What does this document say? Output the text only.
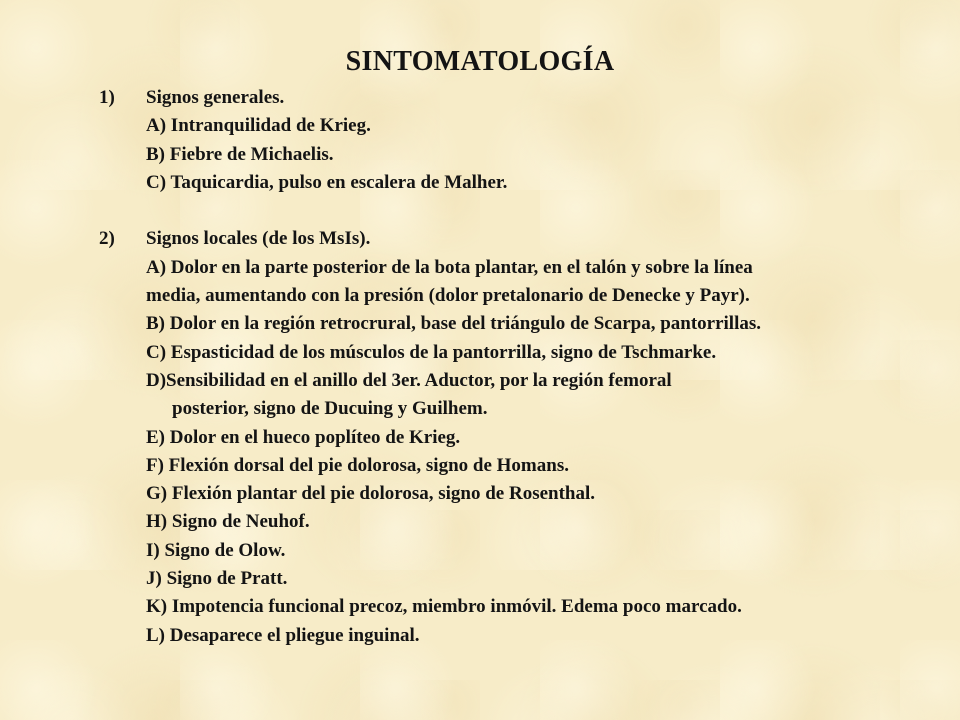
SINTOMATOLOGÍA
1) Signos generales.
A) Intranquilidad de Krieg.
B) Fiebre de Michaelis.
C) Taquicardia, pulso en escalera de Malher.
2) Signos locales (de los MsIs).
A) Dolor en la parte posterior de la bota plantar, en el talón y sobre la línea
media, aumentando con la presión (dolor pretalonario de Denecke y Payr).
B) Dolor en la región retrocrural, base del triángulo de Scarpa, pantorrillas.
C) Espasticidad de los músculos de la pantorrilla, signo de Tschmarke.
D)Sensibilidad en el anillo del 3er. Aductor, por la región femoral
posterior, signo de Ducuing y Guilhem.
E) Dolor en el hueco poplíteo de Krieg.
F) Flexión dorsal del pie dolorosa, signo de Homans.
G) Flexión plantar del pie dolorosa, signo de Rosenthal.
H) Signo de Neuhof.
I) Signo de Olow.
J) Signo de Pratt.
K) Impotencia funcional precoz, miembro inmóvil. Edema poco marcado.
L) Desaparece el pliegue inguinal.
